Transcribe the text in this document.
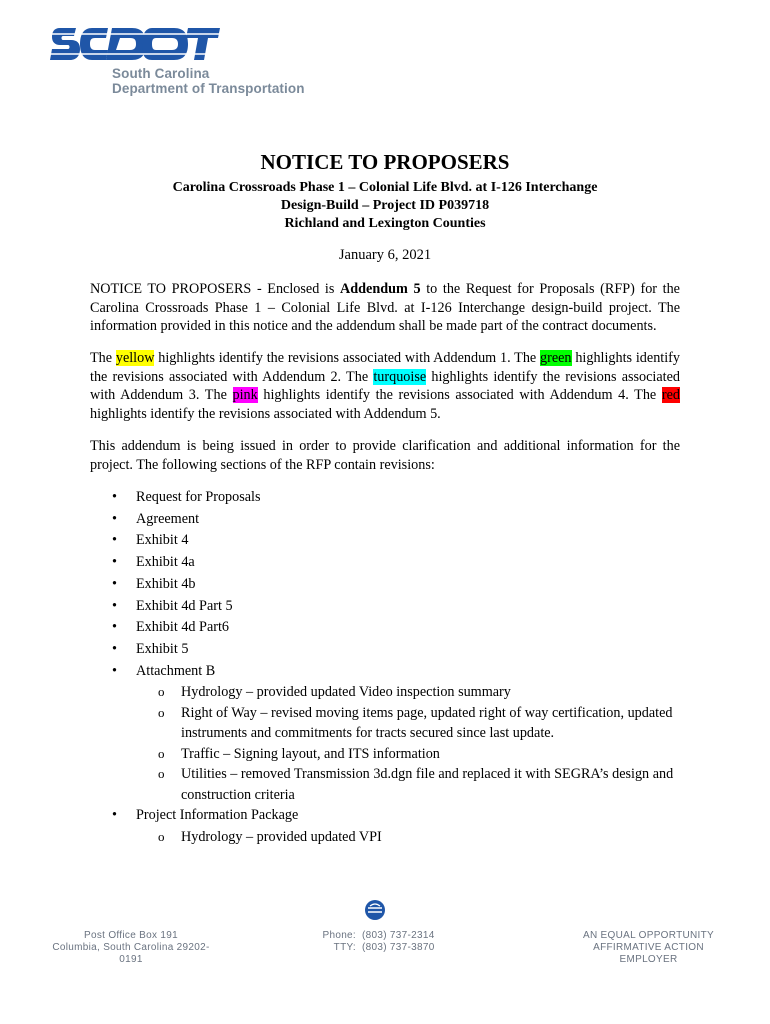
South Carolina
Department of Transportation
NOTICE TO PROPOSERS
Carolina Crossroads Phase 1 – Colonial Life Blvd. at I-126 Interchange
Design-Build – Project ID P039718
Richland and Lexington Counties
January 6, 2021

NOTICE TO PROPOSERS - Enclosed is Addendum 5 to the Request for Proposals (RFP) for the Carolina Crossroads Phase 1 – Colonial Life Blvd. at I-126 Interchange design-build project. The information provided in this notice and the addendum shall be made part of the contract documents.

The yellow highlights identify the revisions associated with Addendum 1. The green highlights identify the revisions associated with Addendum 2. The turquoise highlights identify the revisions associated with Addendum 3. The pink highlights identify the revisions associated with Addendum 4. The red highlights identify the revisions associated with Addendum 5.

This addendum is being issued in order to provide clarification and additional information for the project. The following sections of the RFP contain revisions:

• Request for Proposals
• Agreement
• Exhibit 4
• Exhibit 4a
• Exhibit 4b
• Exhibit 4d Part 5
• Exhibit 4d Part6
• Exhibit 5
• Attachment B
o Hydrology – provided updated Video inspection summary
o Right of Way – revised moving items page, updated right of way certification, updated instruments and commitments for tracts secured since last update.
o Traffic – Signing layout, and ITS information
o Utilities – removed Transmission 3d.dgn file and replaced it with SEGRA’s design and construction criteria
• Project Information Package
o Hydrology – provided updated VPI
Post Office Box 191
Columbia, South Carolina 29202-0191
Phone: (803) 737-2314
TTY: (803) 737-3870
AN EQUAL OPPORTUNITY
AFFIRMATIVE ACTION EMPLOYER
